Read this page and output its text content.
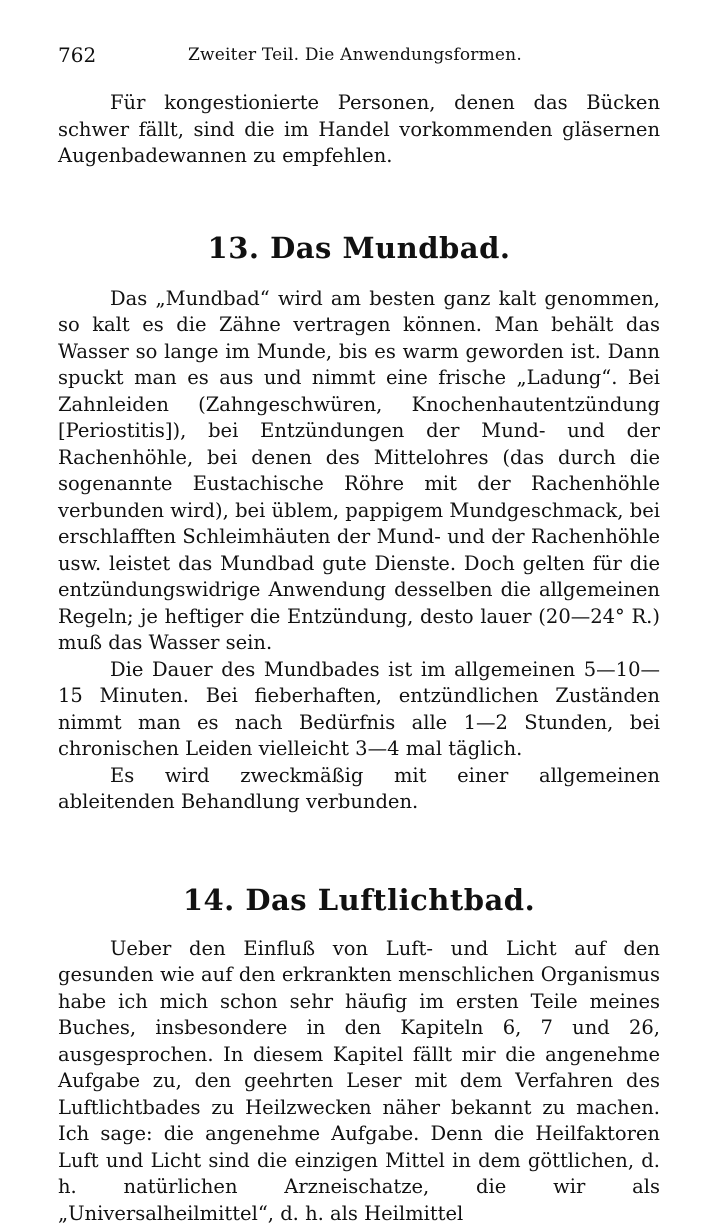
762	Zweiter Teil. Die Anwendungsformen.

Für kongestionierte Personen, denen das Bücken schwer fällt, sind die im Handel vorkommenden gläsernen Augenbadewannen zu empfehlen.

13. Das Mundbad.

Das „Mundbad“ wird am besten ganz kalt genommen, so kalt es die Zähne vertragen können. Man behält das Wasser so lange im Munde, bis es warm geworden ist. Dann spuckt man es aus und nimmt eine frische „Ladung“. Bei Zahnleiden (Zahngeschwüren, Knochenhautentzündung [Periostitis]), bei Entzündungen der Mund- und der Rachenhöhle, bei denen des Mittelohres (das durch die sogenannte Eustachische Röhre mit der Rachenhöhle verbunden wird), bei üblem, pappigem Mundgeschmack, bei erschlafften Schleimhäuten der Mund- und der Rachenhöhle usw. leistet das Mundbad gute Dienste. Doch gelten für die entzündungswidrige Anwendung desselben die allgemeinen Regeln; je heftiger die Entzündung, desto lauer (20—24° R.) muß das Wasser sein.

Die Dauer des Mundbades ist im allgemeinen 5—10—15 Minuten. Bei fieberhaften, entzündlichen Zuständen nimmt man es nach Bedürfnis alle 1—2 Stunden, bei chronischen Leiden vielleicht 3—4 mal täglich.

Es wird zweckmäßig mit einer allgemeinen ableitenden Behandlung verbunden.

14. Das Luftlichtbad.

Ueber den Einfluß von Luft- und Licht auf den gesunden wie auf den erkrankten menschlichen Organismus habe ich mich schon sehr häufig im ersten Teile meines Buches, insbesondere in den Kapiteln 6, 7 und 26, ausgesprochen. In diesem Kapitel fällt mir die angenehme Aufgabe zu, den geehrten Leser mit dem Verfahren des Luftlichtbades zu Heilzwecken näher bekannt zu machen. Ich sage: die angenehme Aufgabe. Denn die Heilfaktoren Luft und Licht sind die einzigen Mittel in dem göttlichen, d. h. natürlichen Arzneischatze, die wir als „Universalheilmittel“, d. h. als Heilmittel
